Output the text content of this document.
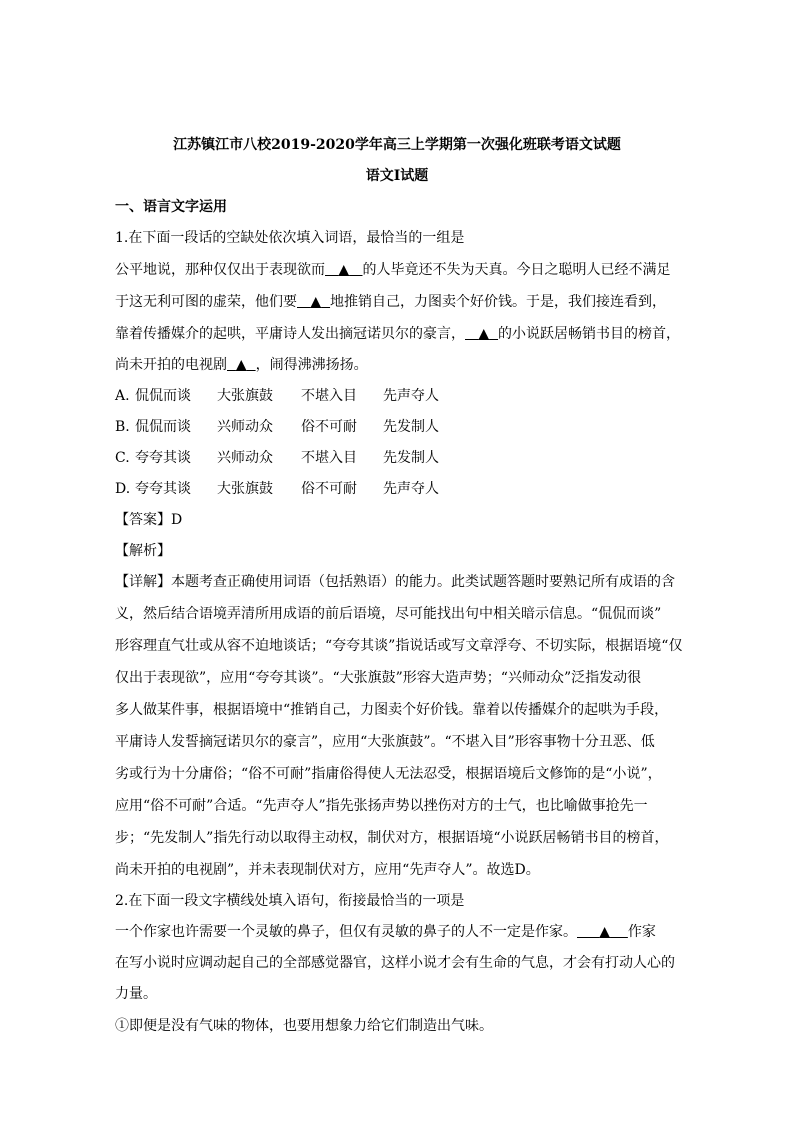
江苏镇江市八校2019-2020学年高三上学期第一次强化班联考语文试题
语文Ⅰ试题
一、语言文字运用
1.在下面一段话的空缺处依次填入词语，最恰当的一组是
公平地说，那种仅仅出于表现欲而 ▲ 的人毕竟还不失为天真。今日之聪明人已经不满足
于这无利可图的虚荣，他们要 ▲ 地推销自己，力图卖个好价钱。于是，我们接连看到，
靠着传播媒介的起哄，平庸诗人发出摘冠诺贝尔的豪言， ▲ 的小说跃居畅销书目的榜首，
尚未开拍的电视剧 ▲ ，闹得沸沸扬扬。
A. 侃侃而谈 大张旗鼓 不堪入目 先声夺人
B. 侃侃而谈 兴师动众 俗不可耐 先发制人
C. 夸夸其谈 兴师动众 不堪入目 先发制人
D. 夸夸其谈 大张旗鼓 俗不可耐 先声夺人
【答案】D
【解析】
【详解】本题考查正确使用词语（包括熟语）的能力。此类试题答题时要熟记所有成语的含
义，然后结合语境弄清所用成语的前后语境，尽可能找出句中相关暗示信息。“侃侃而谈”
形容理直气壮或从容不迫地谈话；“夸夸其谈”指说话或写文章浮夸、不切实际，根据语境“仅
仅出于表现欲”，应用“夸夸其谈”。“大张旗鼓”形容大造声势；“兴师动众”泛指发动很
多人做某件事，根据语境中“推销自己，力图卖个好价钱。靠着以传播媒介的起哄为手段，
平庸诗人发誓摘冠诺贝尔的豪言”，应用“大张旗鼓”。“不堪入目”形容事物十分丑恶、低
劣或行为十分庸俗；“俗不可耐”指庸俗得使人无法忍受，根据语境后文修饰的是“小说”，
应用“俗不可耐”合适。“先声夺人”指先张扬声势以挫伤对方的士气，也比喻做事抢先一
步；“先发制人”指先行动以取得主动权，制伏对方，根据语境“小说跃居畅销书目的榜首，
尚未开拍的电视剧”，并未表现制伏对方，应用“先声夺人”。故选D。
2.在下面一段文字横线处填入语句，衔接最恰当的一项是
一个作家也许需要一个灵敏的鼻子，但仅有灵敏的鼻子的人不一定是作家。 ▲ 作家
在写小说时应调动起自己的全部感觉器官，这样小说才会有生命的气息，才会有打动人心的
力量。
①即便是没有气味的物体，也要用想象力给它们制造出气味。
